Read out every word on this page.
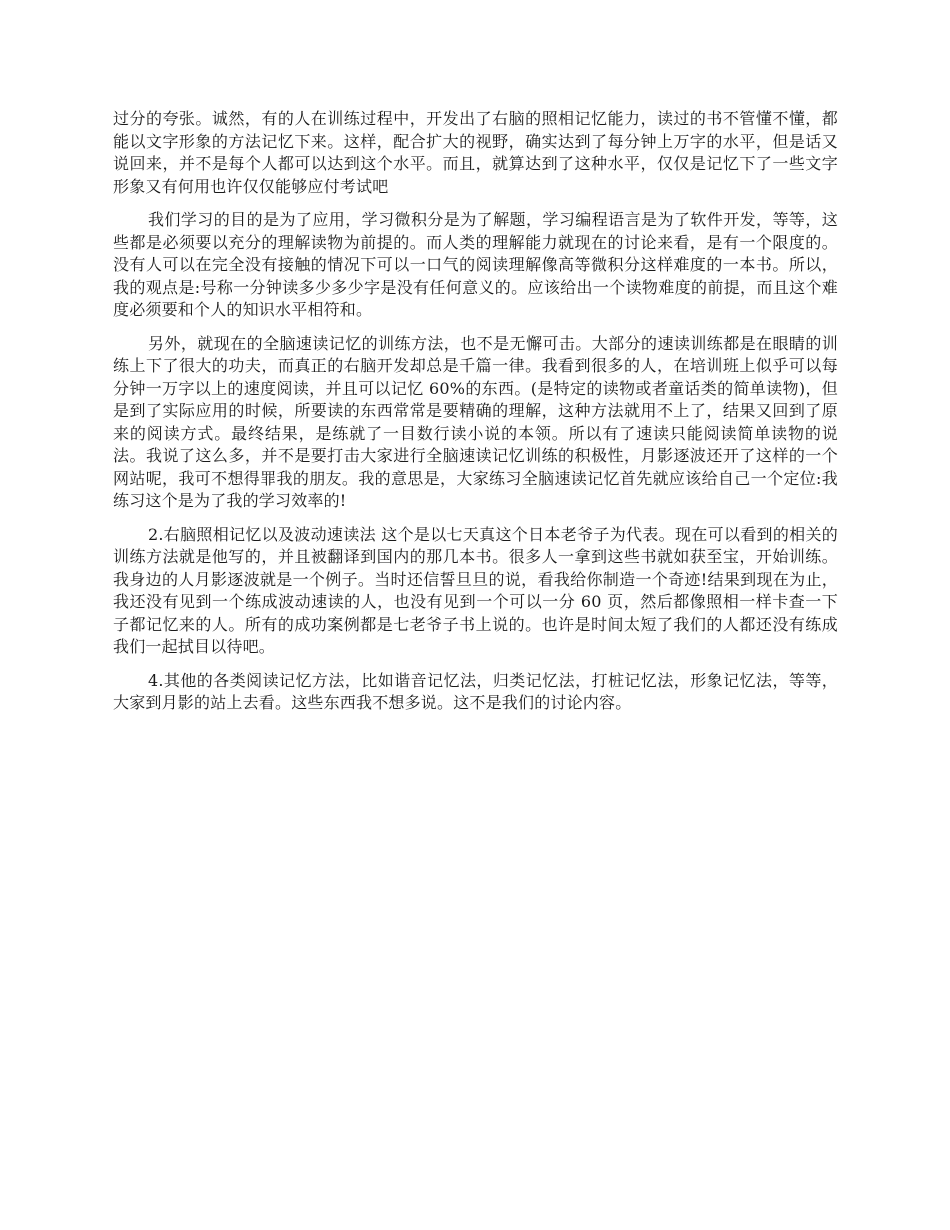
过分的夸张。诚然，有的人在训练过程中，开发出了右脑的照相记忆能力，读过的书不管懂不懂，都能以文字形象的方法记忆下来。这样，配合扩大的视野，确实达到了每分钟上万字的水平，但是话又说回来，并不是每个人都可以达到这个水平。而且，就算达到了这种水平，仅仅是记忆下了一些文字形象又有何用也许仅仅能够应付考试吧

我们学习的目的是为了应用，学习微积分是为了解题，学习编程语言是为了软件开发，等等，这些都是必须要以充分的理解读物为前提的。而人类的理解能力就现在的讨论来看，是有一个限度的。没有人可以在完全没有接触的情况下可以一口气的阅读理解像高等微积分这样难度的一本书。所以，我的观点是:号称一分钟读多少多少字是没有任何意义的。应该给出一个读物难度的前提，而且这个难度必须要和个人的知识水平相符和。

另外，就现在的全脑速读记忆的训练方法，也不是无懈可击。大部分的速读训练都是在眼睛的训练上下了很大的功夫，而真正的右脑开发却总是千篇一律。我看到很多的人，在培训班上似乎可以每分钟一万字以上的速度阅读，并且可以记忆 60%的东西。(是特定的读物或者童话类的简单读物)，但是到了实际应用的时候，所要读的东西常常是要精确的理解，这种方法就用不上了，结果又回到了原来的阅读方式。最终结果，是练就了一目数行读小说的本领。所以有了速读只能阅读简单读物的说法。我说了这么多，并不是要打击大家进行全脑速读记忆训练的积极性，月影逐波还开了这样的一个网站呢，我可不想得罪我的朋友。我的意思是，大家练习全脑速读记忆首先就应该给自己一个定位:我练习这个是为了我的学习效率的!

2.右脑照相记忆以及波动速读法 这个是以七天真这个日本老爷子为代表。现在可以看到的相关的训练方法就是他写的，并且被翻译到国内的那几本书。很多人一拿到这些书就如获至宝，开始训练。我身边的人月影逐波就是一个例子。当时还信誓旦旦的说，看我给你制造一个奇迹!结果到现在为止，我还没有见到一个练成波动速读的人，也没有见到一个可以一分 60 页，然后都像照相一样卡查一下子都记忆来的人。所有的成功案例都是七老爷子书上说的。也许是时间太短了我们的人都还没有练成我们一起拭目以待吧。

4.其他的各类阅读记忆方法，比如谐音记忆法，归类记忆法，打桩记忆法，形象记忆法，等等，大家到月影的站上去看。这些东西我不想多说。这不是我们的讨论内容。
